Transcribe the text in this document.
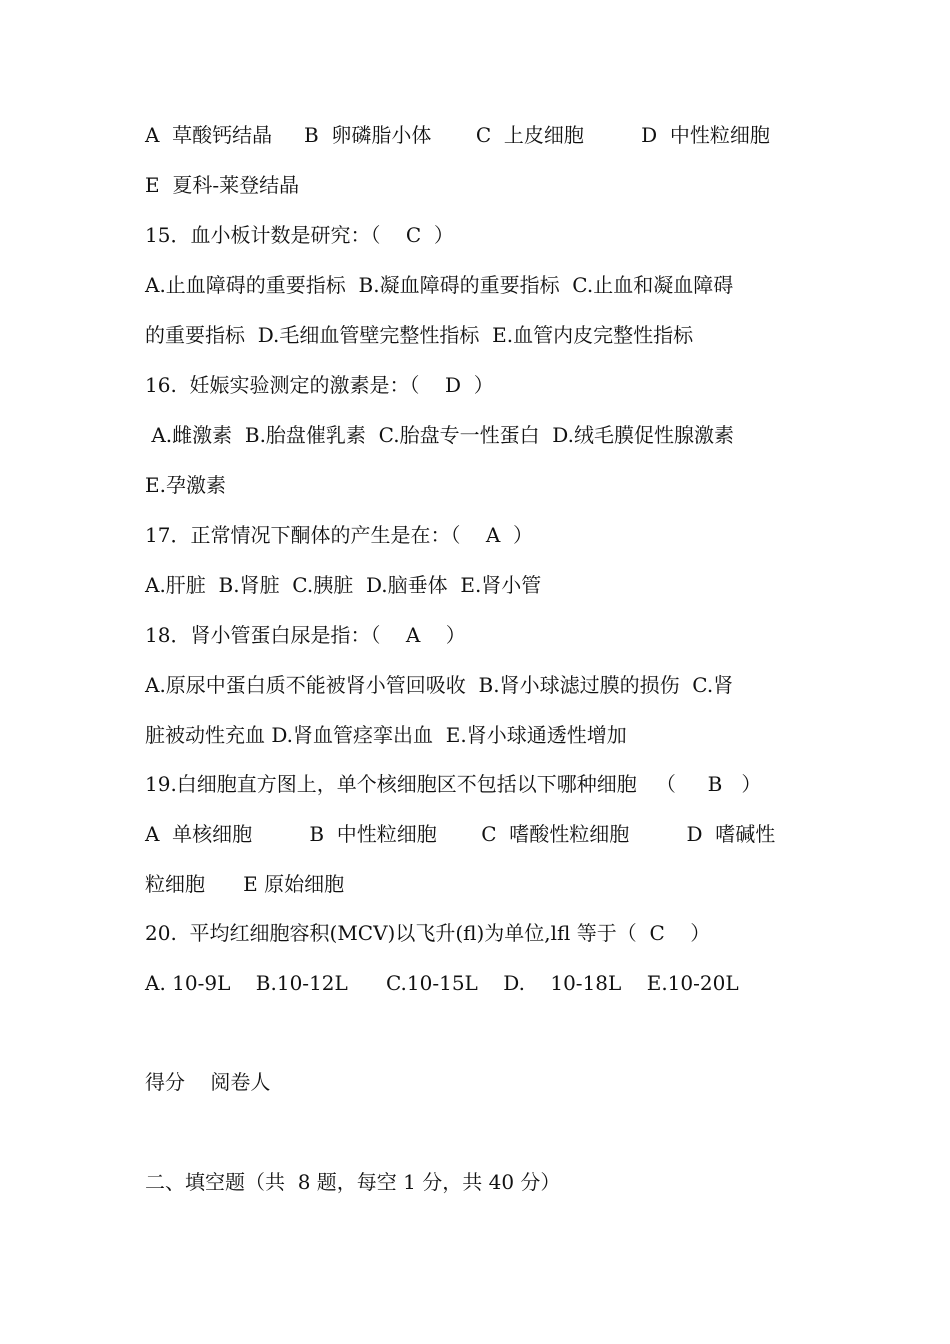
A  草酸钙结晶     B  卵磷脂小体       C  上皮细胞         D  中性粒细胞
E  夏科-莱登结晶
15．血小板计数是研究：（    C  ）
A.止血障碍的重要指标  B.凝血障碍的重要指标  C.止血和凝血障碍
的重要指标  D.毛细血管壁完整性指标  E.血管内皮完整性指标
16.  妊娠实验测定的激素是：（    D  ）
A.雌激素  B.胎盘催乳素  C.胎盘专一性蛋白  D.绒毛膜促性腺激素
E.孕激素
17．正常情况下酮体的产生是在：（    A  ）
A.肝脏  B.肾脏  C.胰脏  D.脑垂体  E.肾小管
18．肾小管蛋白尿是指：（    A    ）
A.原尿中蛋白质不能被肾小管回吸收  B.肾小球滤过膜的损伤  C.肾
脏被动性充血 D.肾血管痉挛出血  E.肾小球通透性增加
19.白细胞直方图上，单个核细胞区不包括以下哪种细胞   （     B   ）
A  单核细胞         B  中性粒细胞       C  嗜酸性粒细胞         D  嗜碱性
粒细胞      E 原始细胞
20.  平均红细胞容积(MCV)以飞升(fl)为单位,lfl 等于（  C    ）
A. 10-9L    B.10-12L      C.10-15L    D.    10-18L    E.10-20L
得分    阅卷人
二、填空题（共  8 题，每空 1 分，共 40 分）
